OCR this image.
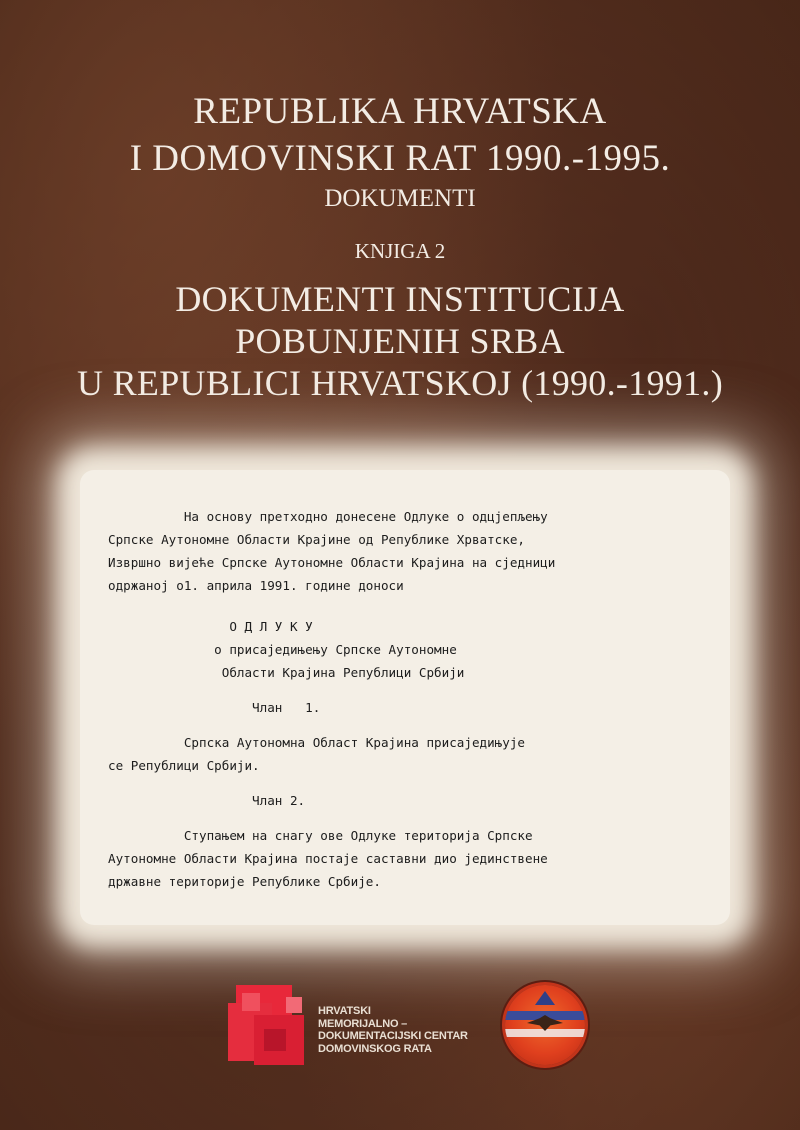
REPUBLIKA HRVATSKA
I DOMOVINSKI RAT 1990.-1995.
DOKUMENTI
KNJIGA 2
DOKUMENTI INSTITUCIJA
POBUNJENIH SRBA
U REPUBLICI HRVATSKOJ (1990.-1991.)

На основу претходно донесене Одлуке о одцјепљењу

Српске Аутономне Области Крајине од Републике Хрватске,

Извршно вијеће Српске Аутономне Области Крајина на сједници

одржаној о1. априла 1991. године доноси

О Д Л У К У

о присаједињењу Српске Аутономне

Области Крајина Републици Србији

Члан   1.

Српска Аутономна Област Крајина присаједињује

се Републици Србији.

Члан 2.

Ступањем на снагу ове Одлуке територија Српске

Аутономне Области Крајина постаје саставни дио јединствене

државне територије Републике Србије.

HRVATSKI
MEMORIJALNO –
DOKUMENTACIJSKI CENTAR
DOMOVINSKOG RATA
